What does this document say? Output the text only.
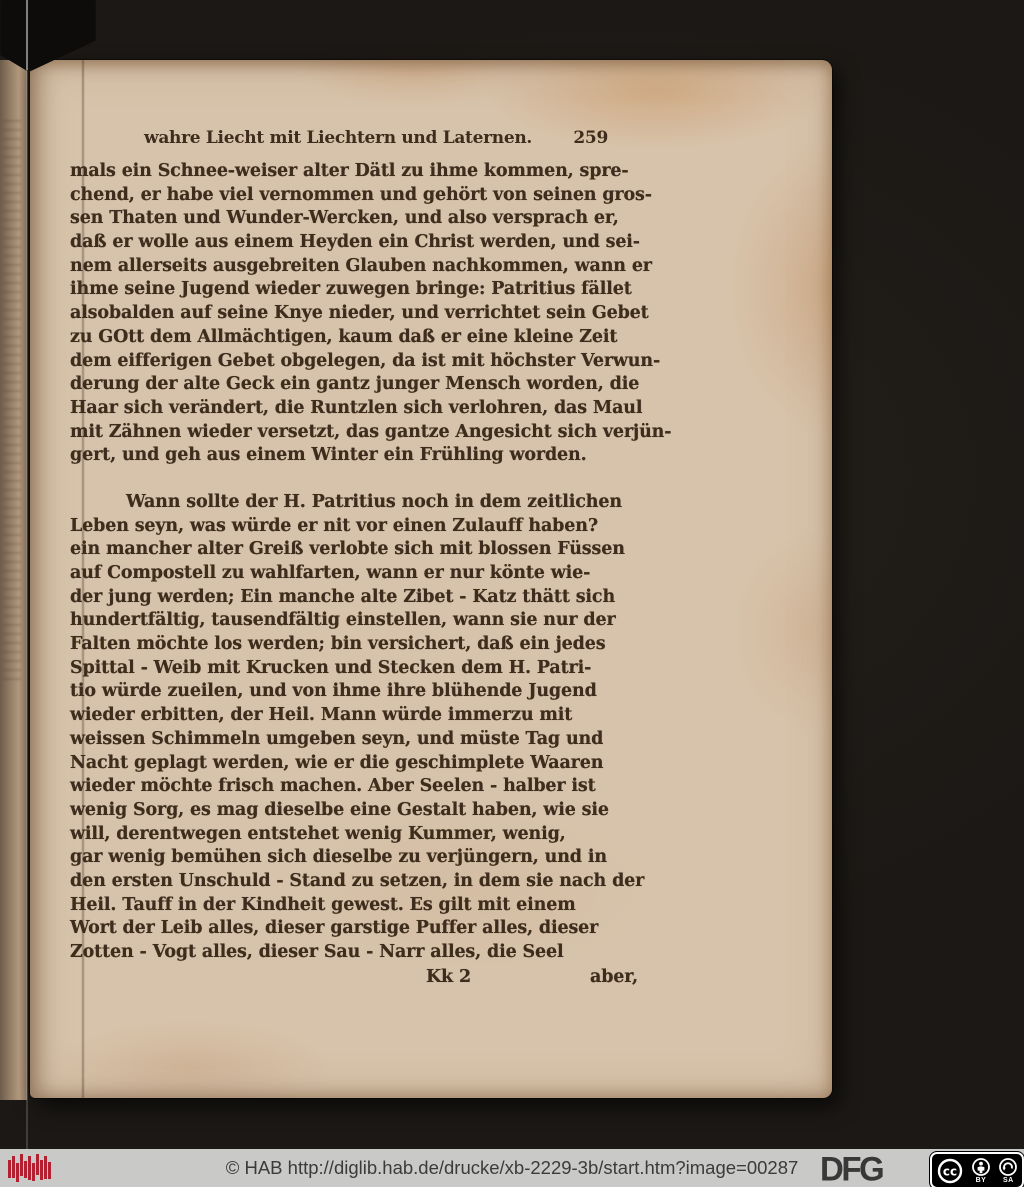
wahre Liecht mit Liechtern und Laternen. 259
mals ein Schnee-weiser alter Dätl zu ihme kommen, spre-
chend, er habe viel vernommen und gehört von seinen gros-
sen Thaten und Wunder-Wercken, und also versprach er,
daß er wolle aus einem Heyden ein Christ werden, und sei-
nem allerseits ausgebreiten Glauben nachkommen, wann er
ihme seine Jugend wieder zuwegen bringe: Patritius fället
alsobalden auf seine Knye nieder, und verrichtet sein Gebet
zu GOtt dem Allmächtigen, kaum daß er eine kleine Zeit
dem eifferigen Gebet obgelegen, da ist mit höchster Verwun-
derung der alte Geck ein gantz junger Mensch worden, die
Haar sich verändert, die Runtzlen sich verlohren, das Maul
mit Zähnen wieder versetzt, das gantze Angesicht sich verjün-
gert, und geh aus einem Winter ein Frühling worden.
Wann sollte der H. Patritius noch in dem zeitlichen
Leben seyn, was würde er nit vor einen Zulauff haben?
ein mancher alter Greiß verlobte sich mit blossen Füssen
auf Compostell zu wahlfarten, wann er nur könte wie-
der jung werden; Ein manche alte Zibet - Katz thätt sich
hundertfältig, tausendfältig einstellen, wann sie nur der
Falten möchte los werden; bin versichert, daß ein jedes
Spittal - Weib mit Krucken und Stecken dem H. Patri-
tio würde zueilen, und von ihme ihre blühende Jugend
wieder erbitten, der Heil. Mann würde immerzu mit
weissen Schimmeln umgeben seyn, und müste Tag und
Nacht geplagt werden, wie er die geschimplete Waaren
wieder möchte frisch machen. Aber Seelen - halber ist
wenig Sorg, es mag dieselbe eine Gestalt haben, wie sie
will, derentwegen entstehet wenig Kummer, wenig,
gar wenig bemühen sich dieselbe zu verjüngern, und in
den ersten Unschuld - Stand zu setzen, in dem sie nach der
Heil. Tauff in der Kindheit gewest. Es gilt mit einem
Wort der Leib alles, dieser garstige Puffer alles, dieser
Zotten - Vogt alles, dieser Sau - Narr alles, die Seel
Kk 2	aber,
© HAB http://diglib.hab.de/drucke/xb-2229-3b/start.htm?image=00287 DFG	cc
BY SA
